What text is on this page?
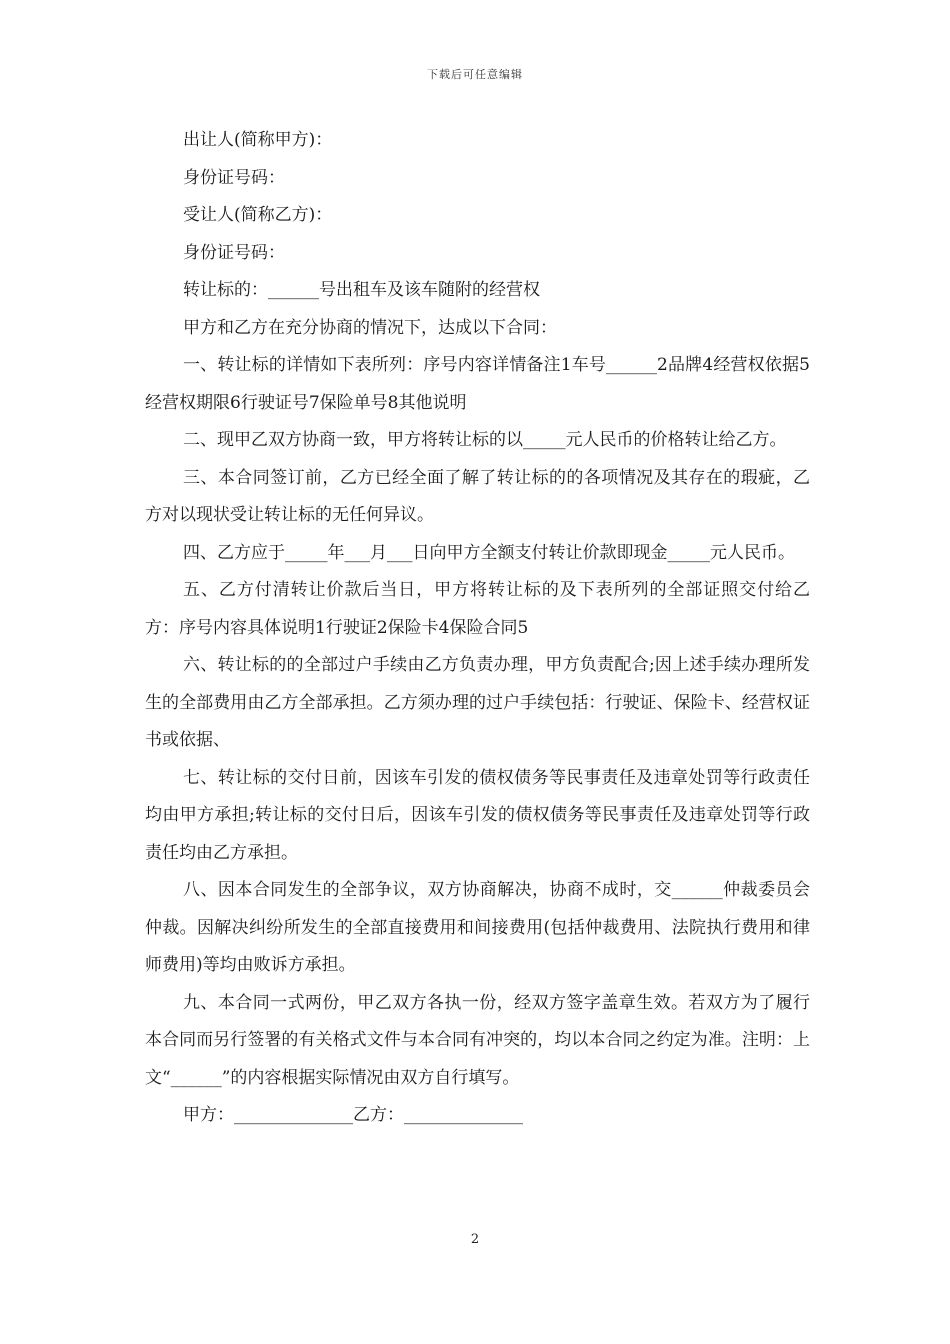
下载后可任意编辑

出让人(简称甲方)：

身份证号码：

受让人(简称乙方)：

身份证号码：

转让标的：______号出租车及该车随附的经营权

甲方和乙方在充分协商的情况下，达成以下合同：

一、转让标的详情如下表所列：序号内容详情备注1车号______2品牌4经营权依据5经营权期限6行驶证号7保险单号8其他说明

二、现甲乙双方协商一致，甲方将转让标的以_____元人民币的价格转让给乙方。

三、本合同签订前，乙方已经全面了解了转让标的的各项情况及其存在的瑕疵，乙方对以现状受让转让标的无任何异议。

四、乙方应于_____年___月___日向甲方全额支付转让价款即现金_____元人民币。

五、乙方付清转让价款后当日，甲方将转让标的及下表所列的全部证照交付给乙方：序号内容具体说明1行驶证2保险卡4保险合同5

六、转让标的的全部过户手续由乙方负责办理，甲方负责配合;因上述手续办理所发生的全部费用由乙方全部承担。乙方须办理的过户手续包括：行驶证、保险卡、经营权证书或依据、

七、转让标的交付日前，因该车引发的债权债务等民事责任及违章处罚等行政责任均由甲方承担;转让标的交付日后，因该车引发的债权债务等民事责任及违章处罚等行政责任均由乙方承担。

八、因本合同发生的全部争议，双方协商解决，协商不成时，交______仲裁委员会仲裁。因解决纠纷所发生的全部直接费用和间接费用(包括仲裁费用、法院执行费用和律师费用)等均由败诉方承担。

九、本合同一式两份，甲乙双方各执一份，经双方签字盖章生效。若双方为了履行本合同而另行签署的有关格式文件与本合同有冲突的，均以本合同之约定为准。注明：上文“______”的内容根据实际情况由双方自行填写。

甲方：______________乙方：______________

2
